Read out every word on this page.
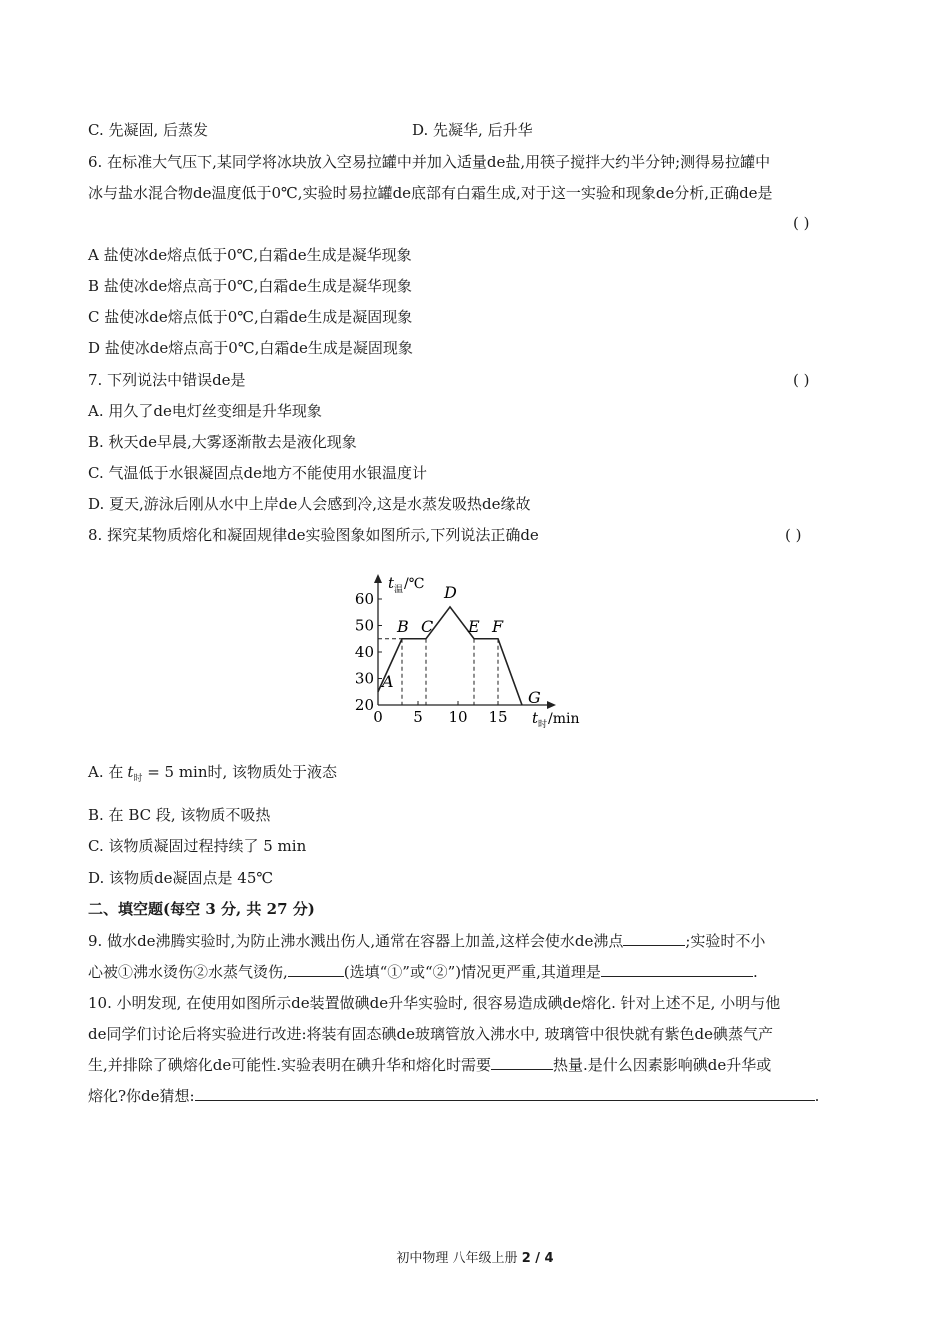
C. 先凝固, 后蒸发	D. 先凝华, 后升华
6. 在标准大气压下,某同学将冰块放入空易拉罐中并加入适量de盐,用筷子搅拌大约半分钟;测得易拉罐中
冰与盐水混合物de温度低于0℃,实验时易拉罐de底部有白霜生成,对于这一实验和现象de分析,正确de是
( )
A 盐使冰de熔点低于0℃,白霜de生成是凝华现象
B 盐使冰de熔点高于0℃,白霜de生成是凝华现象
C 盐使冰de熔点低于0℃,白霜de生成是凝固现象
D 盐使冰de熔点高于0℃,白霜de生成是凝固现象
7. 下列说法中错误de是	( )
A. 用久了de电灯丝变细是升华现象
B. 秋天de早晨,大雾逐渐散去是液化现象
C. 气温低于水银凝固点de地方不能使用水银温度计
D. 夏天,游泳后刚从水中上岸de人会感到冷,这是水蒸发吸热de缘故
8. 探究某物质熔化和凝固规律de实验图象如图所示,下列说法正确de	( )
t 温 /℃
t 时 /min
20
30
40
50
60
0 5 10 15
A
B C
D
E F
G
A. 在 $t_时 = 5$ min时, 该物质处于液态
B. 在 BC 段, 该物质不吸热
C. 该物质凝固过程持续了 5 min
D. 该物质de凝固点是 45℃
二、填空题(每空 3 分, 共 27 分)
9. 做水de沸腾实验时,为防止沸水溅出伤人,通常在容器上加盖,这样会使水de沸点	;实验时不小
心被①沸水烫伤②水蒸气烫伤,	(选填“①”或“②”)情况更严重,其道理是	.
10. 小明发现, 在使用如图所示de装置做碘de升华实验时, 很容易造成碘de熔化. 针对上述不足, 小明与他
de同学们讨论后将实验进行改进:将装有固态碘de玻璃管放入沸水中, 玻璃管中很快就有紫色de碘蒸气产
生,并排除了碘熔化de可能性.实验表明在碘升华和熔化时需要	热量.是什么因素影响碘de升华或
熔化?你de猜想:	.
初中物理 八年级上册 2 / 4
